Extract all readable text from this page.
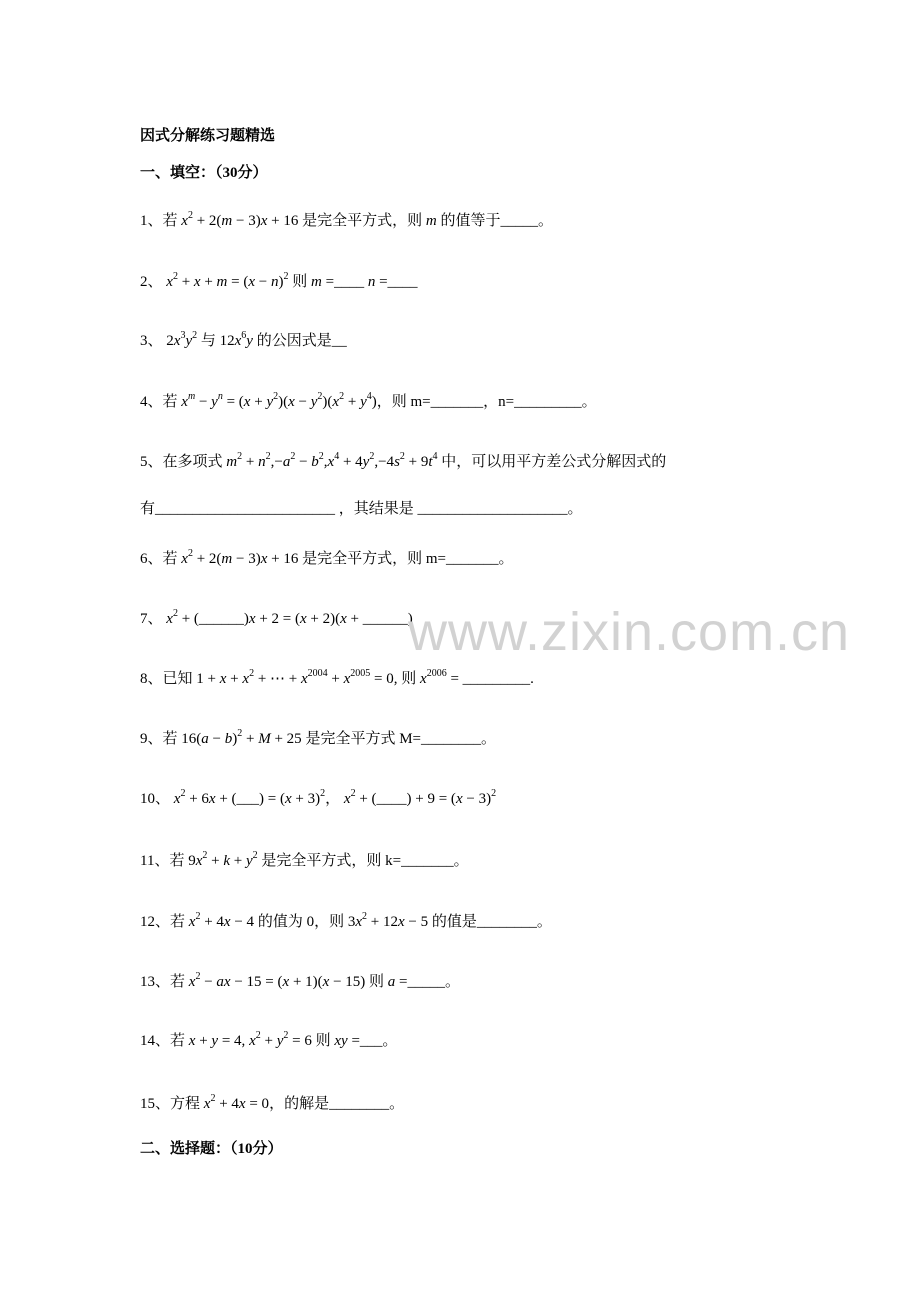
因式分解练习题精选

一、填空：（30分）

1、若 $x^2 + 2(m - 3)x + 16$ 是完全平方式，则 m 的值等于_____。

2、 $x^2 + x + m = (x - n)^2$ 则 m =____ n =____

3、 $2x^3y^2$ 与 $12x^6y$ 的公因式是__

4、若 $x^m - y^n = (x + y^2)(x - y^2)(x^2 + y^4)$，则 m=_______，n=_________。

5、在多项式 $m^2 + n^2,-a^2 - b^2,x^4 + 4y^2,-4s^2 + 9t^4$ 中，可以用平方差公式分解因式的

有________________________ ，其结果是 ____________________。

6、若 $x^2 + 2(m - 3)x + 16$ 是完全平方式，则 m=_______。

7、 $x^2$ + (______)x + 2 = (x + 2)(x + ______)

8、已知 $1 + x + x^2$ + ⋯ + $x^{2004} + x^{2005} = 0$, 则 $x^{2006}$ = _________.

9、若 $16(a - b)^2 + M + 25$ 是完全平方式 M=________。

10、 $x^2 + 6x$ + (___) = $(x + 3)^2$， $x^2$ + (____) + $9 = (x - 3)^2$

11、若 $9x^2 + k + y^2$ 是完全平方式，则 k=_______。

12、若 $x^2 + 4x - 4$ 的值为 0，则 $3x^2 + 12x - 5$ 的值是________。

13、若 $x^2$ − ax − 15 = (x + 1)(x − 15) 则 a =_____。

14、若 x + y = 4, $x^2 + y^2 = 6$ 则 xy =___。

15、方程 $x^2 + 4x = 0$，的解是________。

二、选择题：（10分）

www.zixin.com.cn
